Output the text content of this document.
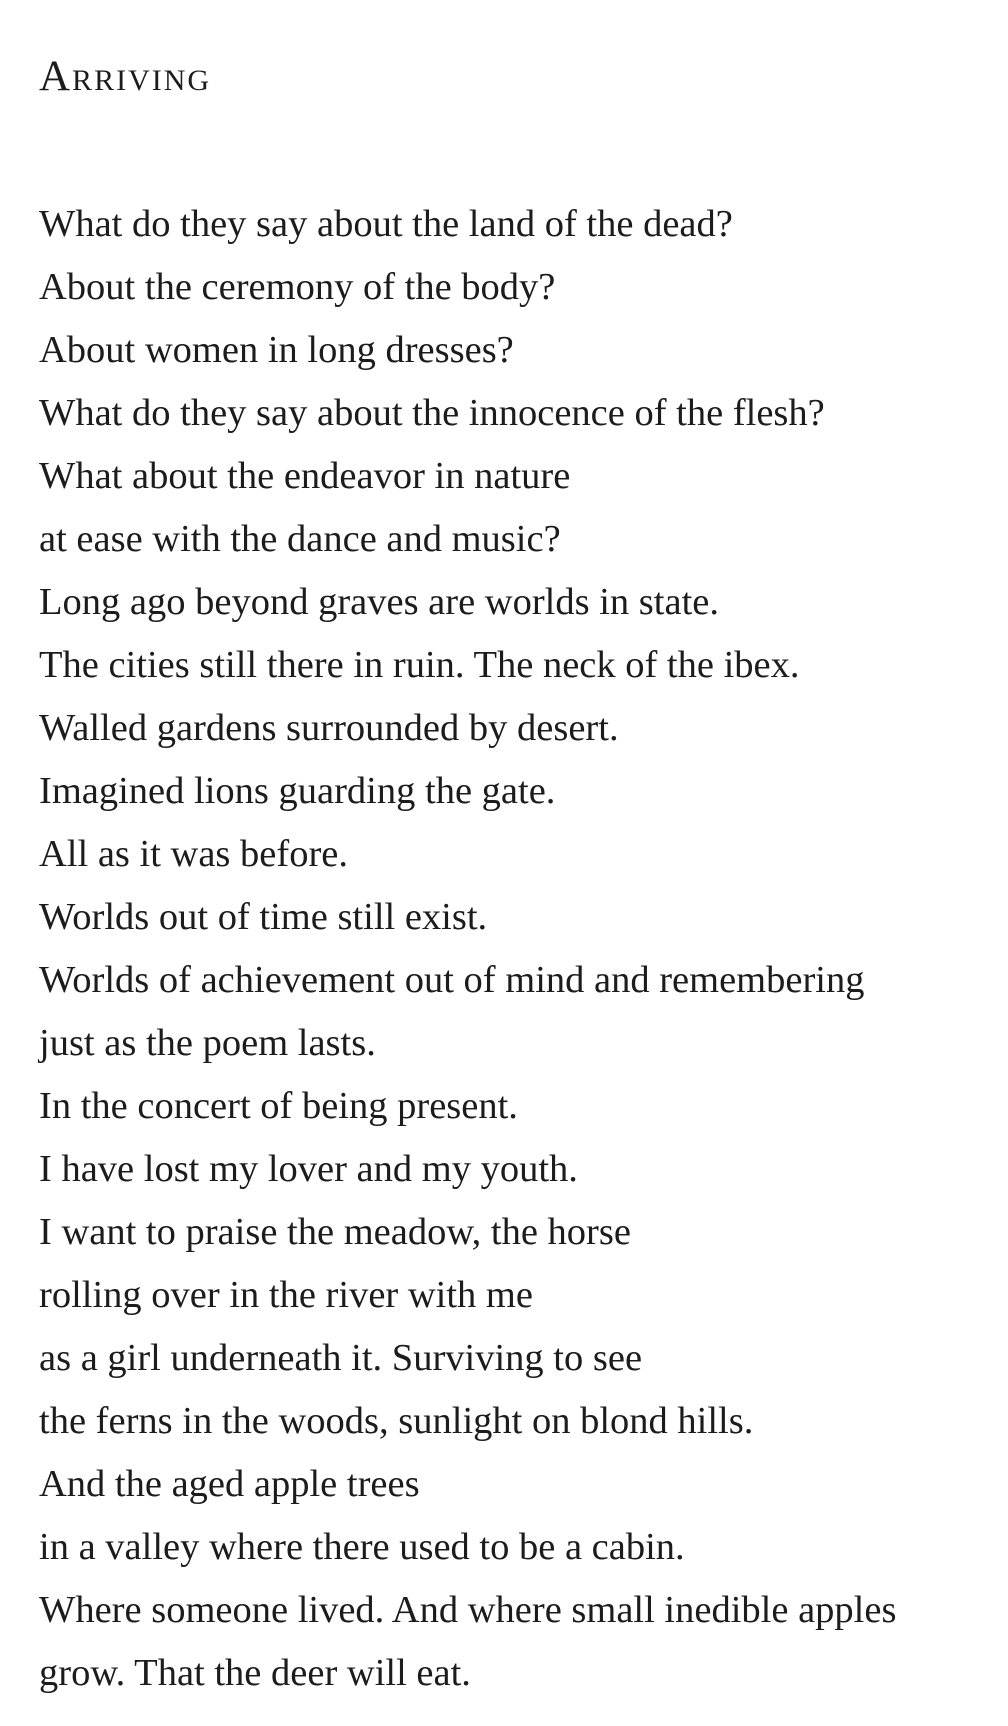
Arriving
What do they say about the land of the dead?
About the ceremony of the body?
About women in long dresses?
What do they say about the innocence of the flesh?
What about the endeavor in nature
at ease with the dance and music?
Long ago beyond graves are worlds in state.
The cities still there in ruin. The neck of the ibex.
Walled gardens surrounded by desert.
Imagined lions guarding the gate.
All as it was before.
Worlds out of time still exist.
Worlds of achievement out of mind and remembering
just as the poem lasts.
In the concert of being present.
I have lost my lover and my youth.
I want to praise the meadow, the horse
rolling over in the river with me
as a girl underneath it. Surviving to see
the ferns in the woods, sunlight on blond hills.
And the aged apple trees
in a valley where there used to be a cabin.
Where someone lived. And where small inedible apples
grow. That the deer will eat.
